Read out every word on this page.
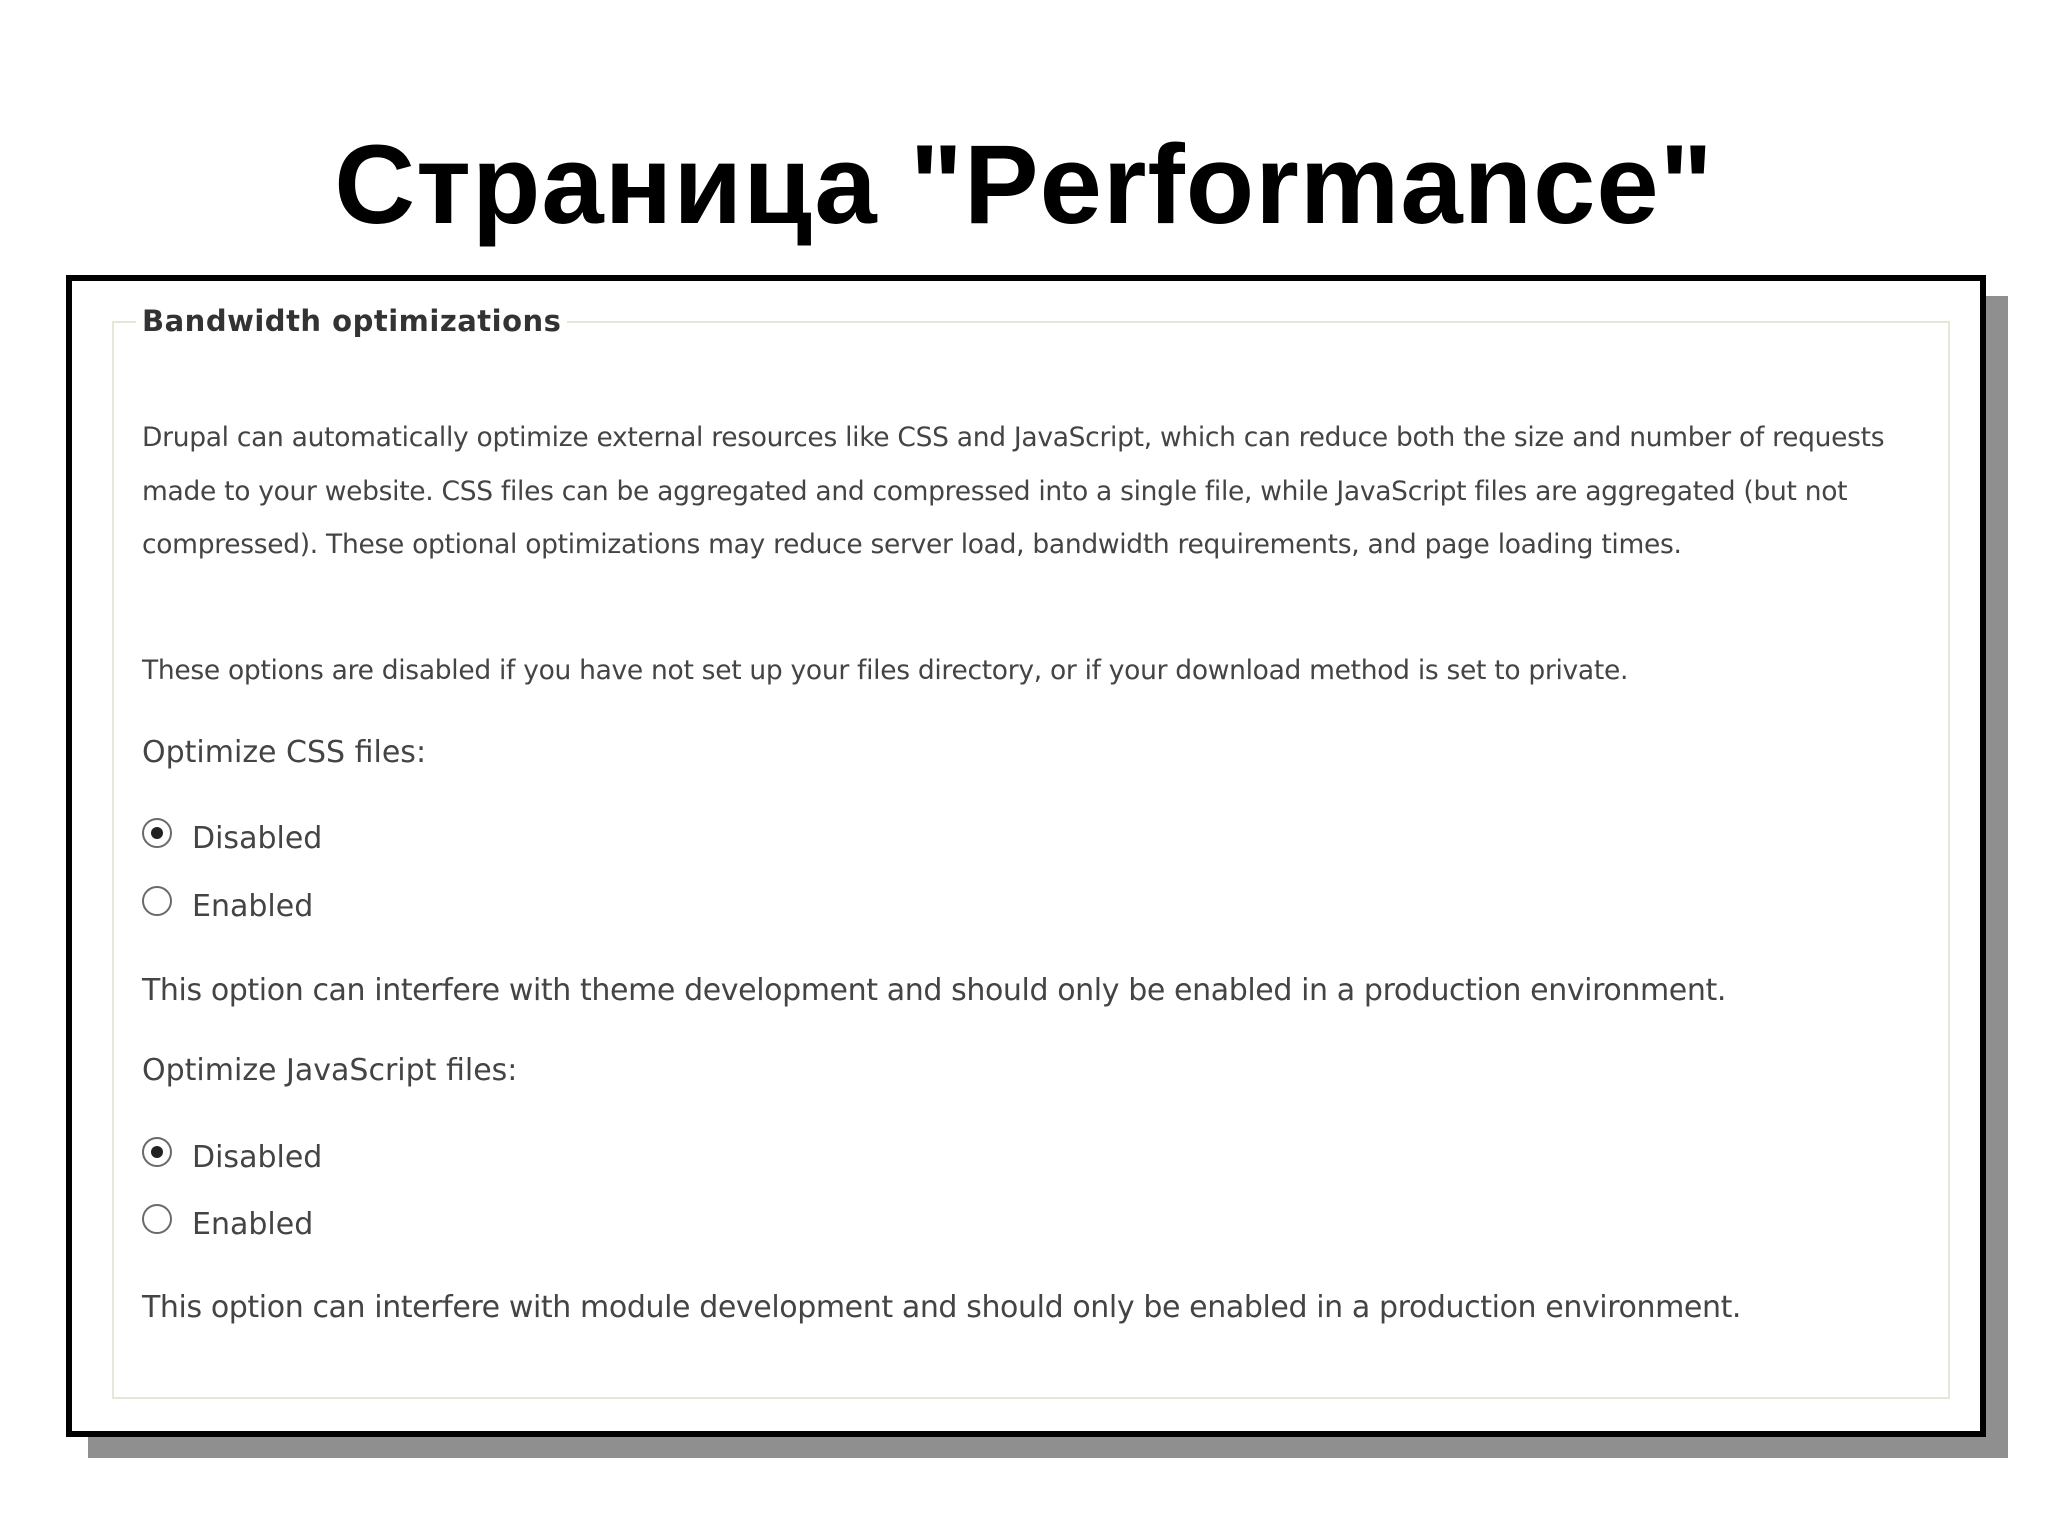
Страница "Performance"
Bandwidth optimizations
Drupal can automatically optimize external resources like CSS and JavaScript, which can reduce both the size and number of requests made to your website. CSS files can be aggregated and compressed into a single file, while JavaScript files are aggregated (but not compressed). These optional optimizations may reduce server load, bandwidth requirements, and page loading times.
These options are disabled if you have not set up your files directory, or if your download method is set to private.
Optimize CSS files:
Disabled
Enabled
This option can interfere with theme development and should only be enabled in a production environment.
Optimize JavaScript files:
Disabled
Enabled
This option can interfere with module development and should only be enabled in a production environment.
